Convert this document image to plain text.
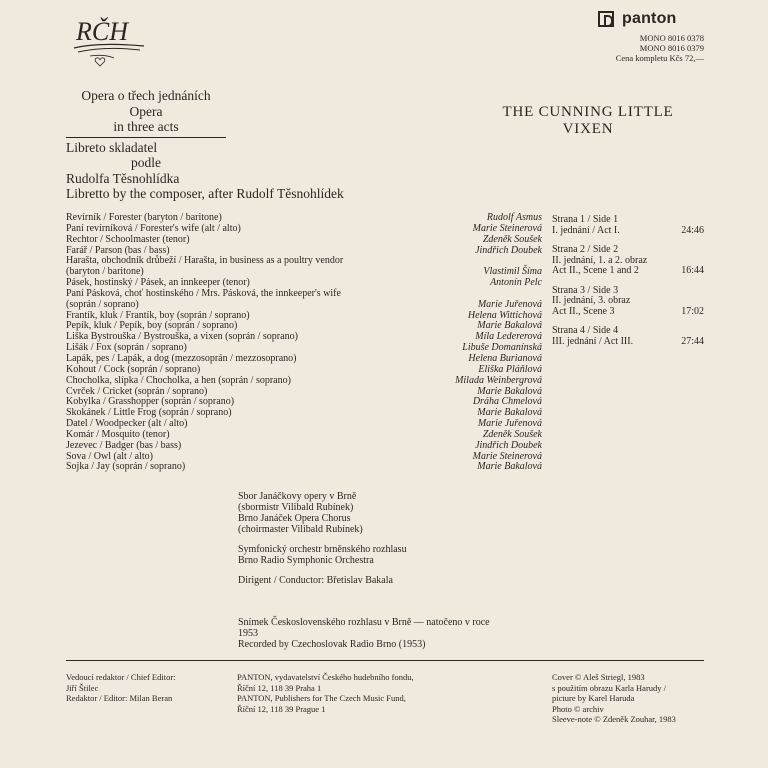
RČH	panton
MONO 8016 0378
MONO 8016 0379
Cena kompletu Kčs 72,—
Opera o třech jednáních
Opera
in three acts
Libreto skladatel
podle
Rudolfa Těsnohlídka
Libretto by the composer, after Rudolf Těsnohlídek
THE CUNNING LITTLE
VIXEN
Revírník / Forester (baryton / baritone)	Rudolf Asmus
Paní revírníková / Forester's wife (alt / alto)	Marie Steinerová
Rechtor / Schoolmaster (tenor)	Zdeněk Soušek
Farář / Parson (bas / bass)	Jindřich Doubek
Harašta, obchodník drůbeží / Harašta, in business as a poultry vendor
(baryton / baritone)	Vlastimil Šíma
Pásek, hostinský / Pásek, an innkeeper (tenor)	Antonín Pelc
Paní Pásková, choť hostinského / Mrs. Pásková, the innkeeper's wife
(soprán / soprano)	Marie Juřenová
Frantík, kluk / Frantík, boy (soprán / soprano)	Helena Wittichová
Pepík, kluk / Pepík, boy (soprán / soprano)	Marie Bakalová
Liška Bystrouška / Bystrouška, a vixen (soprán / soprano)	Míla Ledererová
Lišák / Fox (soprán / soprano)	Libuše Domanínská
Lapák, pes / Lapák, a dog (mezzosoprán / mezzosoprano)	Helena Burianová
Kohout / Cock (soprán / soprano)	Eliška Pláňlová
Chocholka, slípka / Chocholka, a hen (soprán / soprano)	Milada Weinbergrová
Cvrček / Cricket (soprán / soprano)	Marie Bakalová
Kobylka / Grasshopper (soprán / soprano)	Dráha Chmelová
Skokánek / Little Frog (soprán / soprano)	Marie Bakalová
Datel / Woodpecker (alt / alto)	Marie Juřenová
Komár / Mosquito (tenor)	Zdeněk Soušek
Jezevec / Badger (bas / bass)	Jindřich Doubek
Sova / Owl (alt / alto)	Marie Steinerová
Sojka / Jay (soprán / soprano)	Marie Bakalová
Strana 1 / Side 1
I. jednání / Act I.	24:46
Strana 2 / Side 2
II. jednání, 1. a 2. obraz
Act II., Scene 1 and 2	16:44
Strana 3 / Side 3
II. jednání, 3. obraz
Act II., Scene 3	17:02
Strana 4 / Side 4
III. jednání / Act III.	27:44

Sbor Janáčkovy opery v Brně
(sbormistr Vilibald Rubínek)
Brno Janáček Opera Chorus
(choirmaster Vilibald Rubínek)

Symfonický orchestr brněnského rozhlasu
Brno Radio Symphonic Orchestra

Dirigent / Conductor: Břetislav Bakala

Snímek Československého rozhlasu v Brně — natočeno v roce
1953
Recorded by Czechoslovak Radio Brno (1953)
Vedoucí redaktor / Chief Editor:
Jiří Štilec
Redaktor / Editor: Milan Beran
PANTON, vydavatelství Českého hudebního fondu,
Říční 12, 118 39 Praha 1
PANTON, Publishers for The Czech Music Fund,
Říční 12, 118 39 Prague 1
Cover © Aleš Striegl, 1983
s použitím obrazu Karla Harudy /
picture by Karel Haruda
Photo © archiv
Sleeve-note © Zdeněk Zouhar, 1983
